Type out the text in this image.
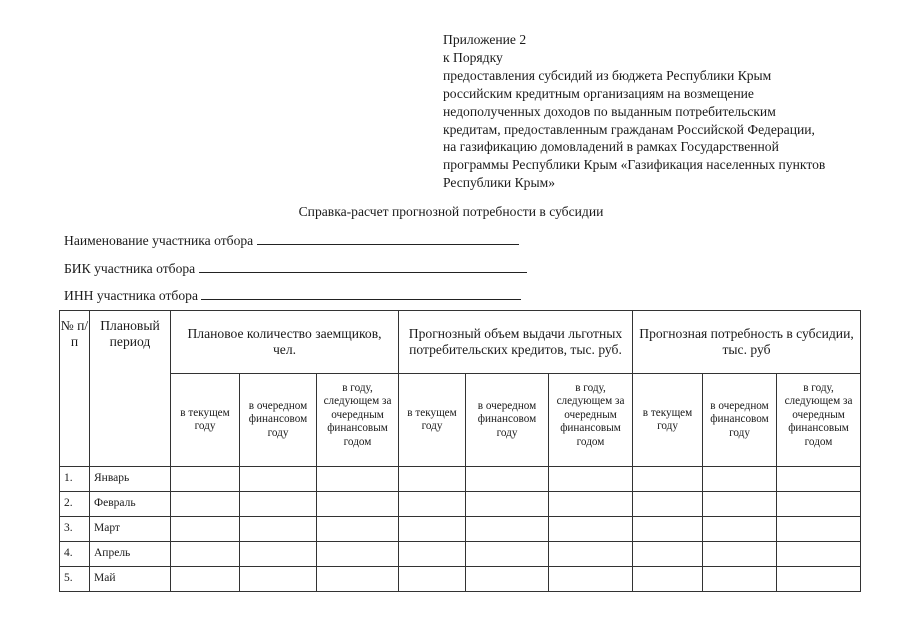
Приложение 2
к Порядку
предоставления субсидий из бюджета Республики Крым
российским кредитным организациям на возмещение
недополученных доходов по выданным потребительским
кредитам, предоставленным гражданам Российской Федерации,
на газификацию домовладений в рамках Государственной
программы Республики Крым «Газификация населенных пунктов
Республики Крым»
Справка-расчет прогнозной потребности в субсидии
Наименование участника отбора
БИК участника отбора
ИНН участника отбора
№ п/п	Плановый период	Плановое количество заемщиков, чел.			Прогнозный объем выдачи льготных потребительских кредитов, тыс. руб.			Прогнозная потребность в субсидии, тыс. руб		
		в текущем году	в очередном финансовом году	в году, следующем за очередным финансовым годом	в текущем году	в очередном финансовом году	в году, следующем за очередным финансовым годом	в текущем году	в очередном финансовом году	в году, следующем за очередным финансовым годом
1.	Январь									
2.	Февраль									
3.	Март									
4.	Апрель									
5.	Май									
